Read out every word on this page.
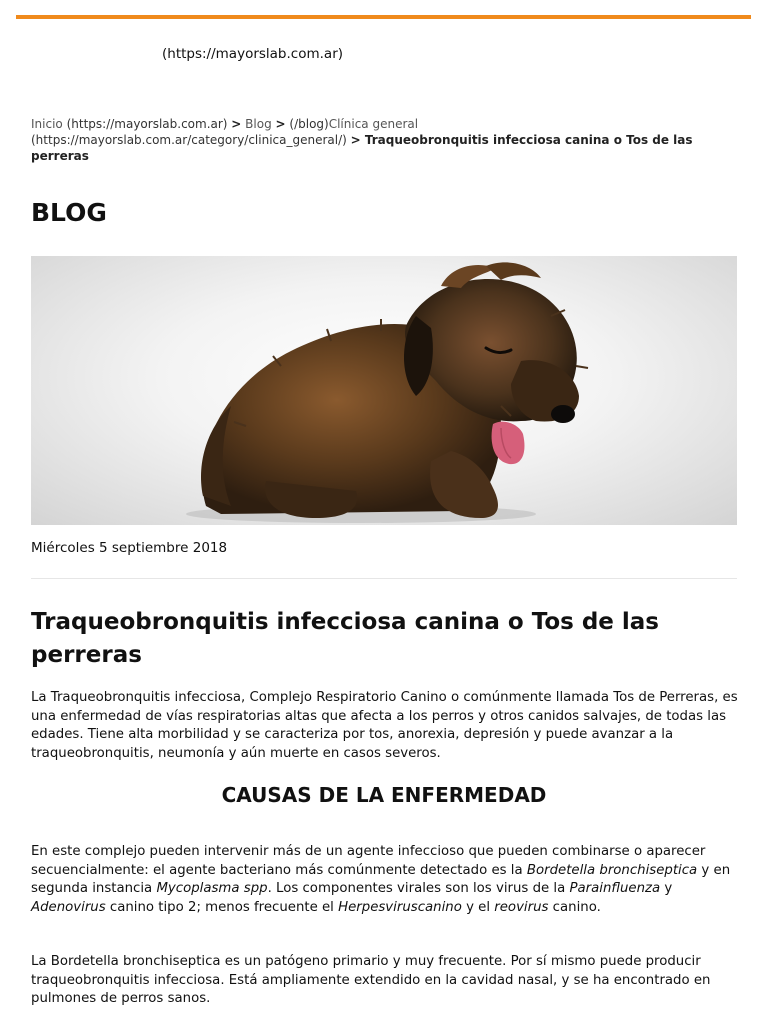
(https://mayorslab.com.ar)
Inicio (https://mayorslab.com.ar) > Blog > (/blog)Clínica general
(https://mayorslab.com.ar/category/clinica_general/) > Traqueobronquitis infecciosa canina o Tos de las perreras
BLOG
Miércoles 5 septiembre 2018
Traqueobronquitis infecciosa canina o Tos de las perreras

La Traqueobronquitis infecciosa, Complejo Respiratorio Canino o comúnmente llamada Tos de Perreras, es una enfermedad de vías respiratorias altas que afecta a los perros y otros canidos salvajes, de todas las edades. Tiene alta morbilidad y se caracteriza por tos, anorexia, depresión y puede avanzar a la traqueobronquitis, neumonía y aún muerte en casos severos.

CAUSAS DE LA ENFERMEDAD

En este complejo pueden intervenir más de un agente infeccioso que pueden combinarse o aparecer secuencialmente: el agente bacteriano más comúnmente detectado es la Bordetella bronchiseptica y en segunda instancia Mycoplasma spp. Los componentes virales son los virus de la Parainfluenza y Adenovirus canino tipo 2; menos frecuente el Herpesviruscanino y el reovirus canino.

La Bordetella bronchiseptica es un patógeno primario y muy frecuente. Por sí mismo puede producir traqueobronquitis infecciosa. Está ampliamente extendido en la cavidad nasal, y se ha encontrado en pulmones de perros sanos.
